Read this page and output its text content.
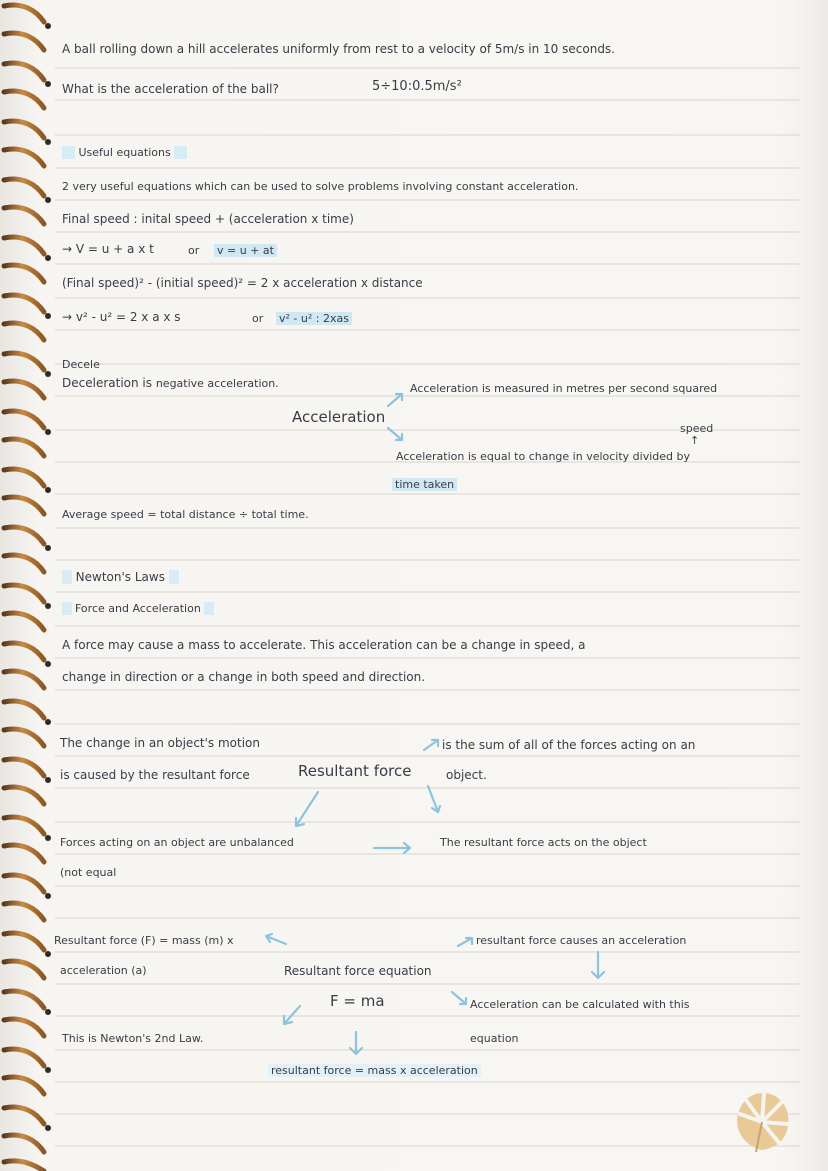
A ball rolling down a hill accelerates uniformly from rest to a velocity of 5m/s in 10 seconds.
What is the acceleration of the ball?	5÷10:0.5m/s²
Useful equations
2 very useful equations which can be used to solve problems involving constant acceleration.
Final speed : inital speed + (acceleration x time)
→ V = u + a x t	or v = u + at
(Final speed)² - (initial speed)² = 2 x acceleration x distance
→ v² - u² = 2 x a x s	or v² - u² : 2xas
Decele
Deceleration is negative acceleration.
Acceleration
Acceleration is measured in metres per second squared
speed
↑
Acceleration is equal to change in velocity divided by
time taken
Average speed = total distance ÷ total time.
Newton's Laws
Force and Acceleration
A force may cause a mass to accelerate. This acceleration can be a change in speed, a
change in direction or a change in both speed and direction.
The change in an object's motion
is caused by the resultant force	Resultant force
is the sum of all of the forces acting on an
object.
Forces acting on an object are unbalanced
(not equal
The resultant force acts on the object
Resultant force (F) = mass (m) x
acceleration (a)	Resultant force equation
F = ma
resultant force causes an acceleration
Acceleration can be calculated with this
equation
This is Newton's 2nd Law.
resultant force = mass x acceleration
